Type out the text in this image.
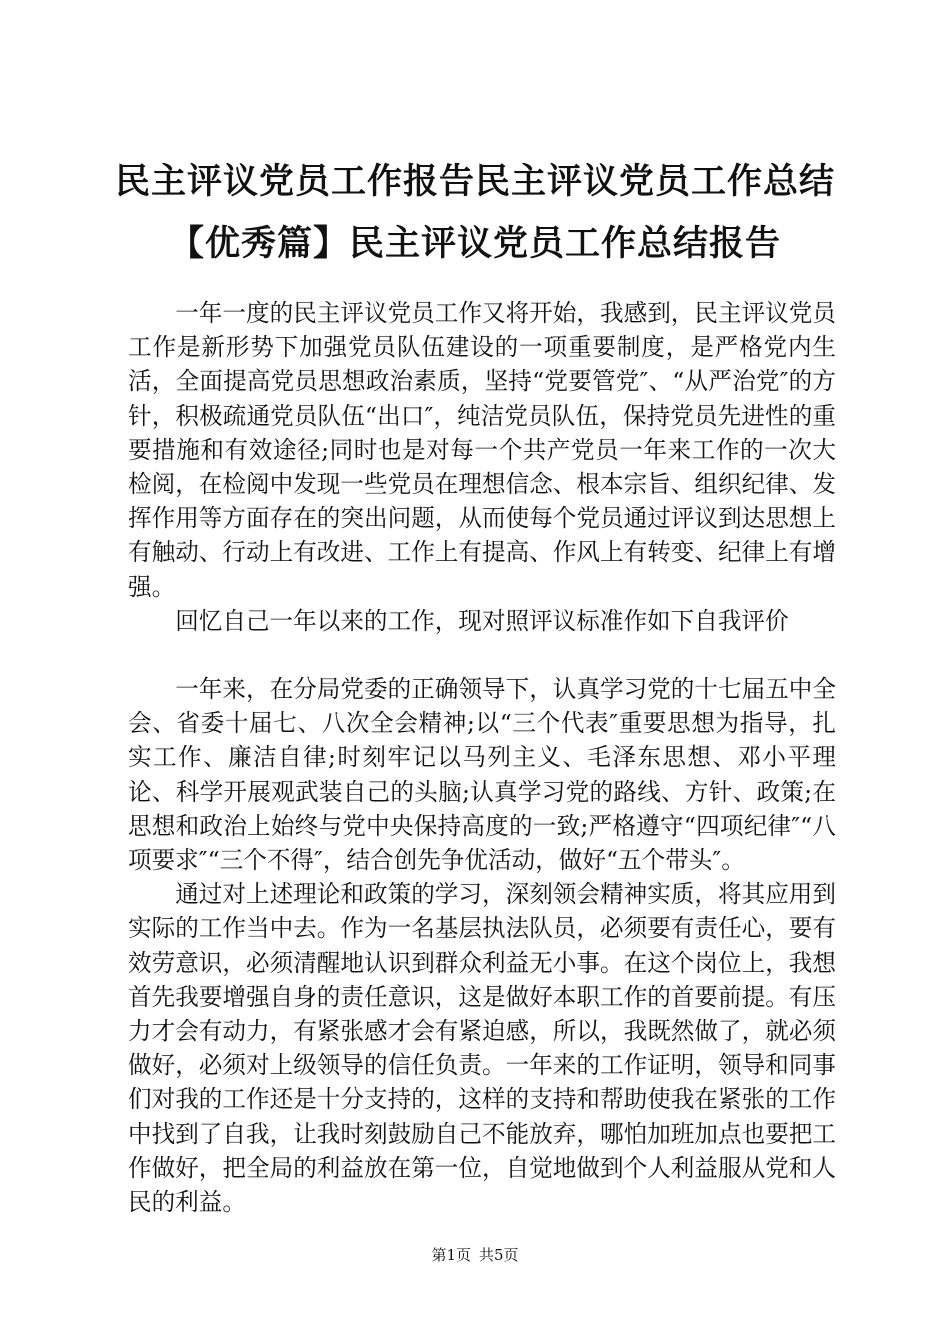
民主评议党员工作报告民主评议党员工作总结
【优秀篇】民主评议党员工作总结报告

一年一度的民主评议党员工作又将开始，我感到，民主评议党员工作是新形势下加强党员队伍建设的一项重要制度，是严格党内生活，全面提高党员思想政治素质，坚持“党要管党″、“从严治党″的方针，积极疏通党员队伍“出口″，纯洁党员队伍，保持党员先进性的重要措施和有效途径;同时也是对每一个共产党员一年来工作的一次大检阅，在检阅中发现一些党员在理想信念、根本宗旨、组织纪律、发挥作用等方面存在的突出问题，从而使每个党员通过评议到达思想上有触动、行动上有改进、工作上有提高、作风上有转变、纪律上有增强。

回忆自己一年以来的工作，现对照评议标准作如下自我评价

一年来，在分局党委的正确领导下，认真学习党的十七届五中全会、省委十届七、八次全会精神;以“三个代表″重要思想为指导，扎实工作、廉洁自律;时刻牢记以马列主义、毛泽东思想、邓小平理论、科学开展观武装自己的头脑;认真学习党的路线、方针、政策;在思想和政治上始终与党中央保持高度的一致;严格遵守“四项纪律″“八项要求″“三个不得″，结合创先争优活动，做好“五个带头″。

通过对上述理论和政策的学习，深刻领会精神实质，将其应用到实际的工作当中去。作为一名基层执法队员，必须要有责任心，要有效劳意识，必须清醒地认识到群众利益无小事。在这个岗位上，我想首先我要增强自身的责任意识，这是做好本职工作的首要前提。有压力才会有动力，有紧张感才会有紧迫感，所以，我既然做了，就必须做好，必须对上级领导的信任负责。一年来的工作证明，领导和同事们对我的工作还是十分支持的，这样的支持和帮助使我在紧张的工作中找到了自我，让我时刻鼓励自己不能放弃，哪怕加班加点也要把工作做好，把全局的利益放在第一位，自觉地做到个人利益服从党和人民的利益。

第1页 共5页
